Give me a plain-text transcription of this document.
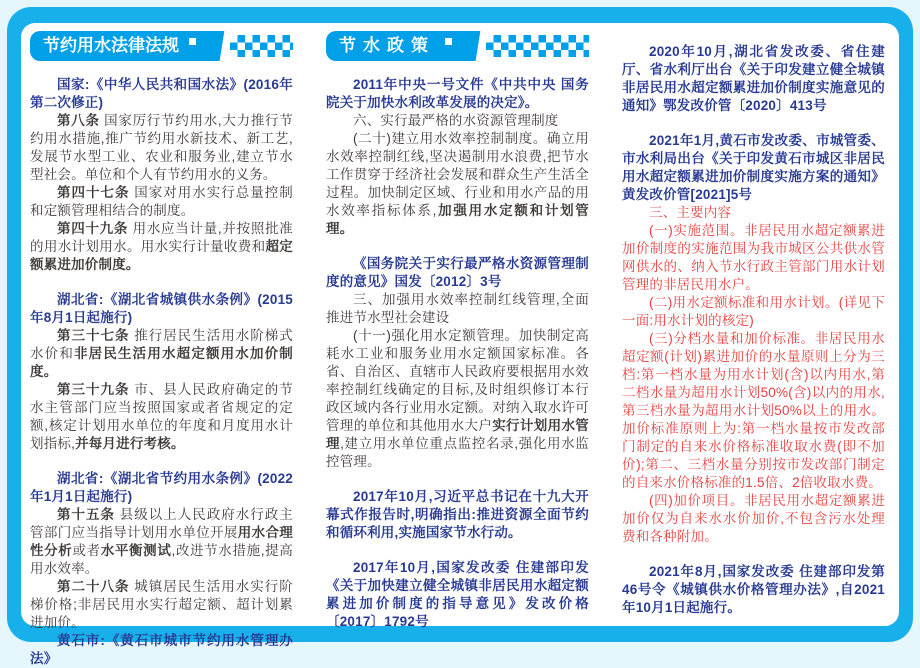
节约用水法律法规

国家:《中华人民共和国水法》(2016年第二次修正)

第八条 国家厉行节约用水,大力推行节约用水措施,推广节约用水新技术、新工艺,发展节水型工业、农业和服务业,建立节水型社会。单位和个人有节约用水的义务。

第四十七条 国家对用水实行总量控制和定额管理相结合的制度。

第四十九条 用水应当计量,并按照批准的用水计划用水。用水实行计量收费和超定额累进加价制度。

湖北省:《湖北省城镇供水条例》(2015年8月1日起施行)

第三十七条 推行居民生活用水阶梯式水价和非居民生活用水超定额用水加价制度。

第三十九条 市、县人民政府确定的节水主管部门应当按照国家或者省规定的定额,核定计划用水单位的年度和月度用水计划指标,并每月进行考核。

湖北省:《湖北省节约用水条例》(2022年1月1日起施行)

第十五条 县级以上人民政府水行政主管部门应当指导计划用水单位开展用水合理性分析或者水平衡测试,改进节水措施,提高用水效率。

第二十八条 城镇居民生活用水实行阶梯价格;非居民用水实行超定额、超计划累进加价。

黄石市:《黄石市城市节约用水管理办法》

节水政策

2011年中央一号文件《中共中央 国务院关于加快水利改革发展的决定》。

六、实行最严格的水资源管理制度

(二十)建立用水效率控制制度。确立用水效率控制红线,坚决遏制用水浪费,把节水工作贯穿于经济社会发展和群众生产生活全过程。加快制定区域、行业和用水产品的用水效率指标体系,加强用水定额和计划管理。

《国务院关于实行最严格水资源管理制度的意见》国发〔2012〕3号

三、加强用水效率控制红线管理,全面推进节水型社会建设

(十一)强化用水定额管理。加快制定高耗水工业和服务业用水定额国家标准。各省、自治区、直辖市人民政府要根据用水效率控制红线确定的目标,及时组织修订本行政区域内各行业用水定额。对纳入取水许可管理的单位和其他用水大户实行计划用水管理,建立用水单位重点监控名录,强化用水监控管理。

2017年10月,习近平总书记在十九大开幕式作报告时,明确指出:推进资源全面节约和循环利用,实施国家节水行动。

2017年10月,国家发改委 住建部印发《关于加快建立健全城镇非居民用水超定额累进加价制度的指导意见》发改价格〔2017〕1792号

2020年10月,湖北省发改委、省住建厅、省水利厅出台《关于印发建立健全城镇非居民用水超定额累进加价制度实施意见的通知》鄂发改价管〔2020〕413号

2021年1月,黄石市发改委、市城管委、市水利局出台《关于印发黄石市城区非居民用水超定额累进加价制度实施方案的通知》黄发改价管[2021]5号

三、主要内容

(一)实施范围。非居民用水超定额累进加价制度的实施范围为我市城区公共供水管网供水的、纳入节水行政主管部门用水计划管理的非居民用水户。

(二)用水定额标准和用水计划。(详见下一面:用水计划的核定)

(三)分档水量和加价标准。非居民用水超定额(计划)累进加价的水量原则上分为三档:第一档水量为用水计划(含)以内用水,第二档水量为超用水计划50%(含)以内的用水,第三档水量为超用水计划50%以上的用水。加价标准原则上为:第一档水量按市发改部门制定的自来水价格标准收取水费(即不加价);第二、三档水量分别按市发改部门制定的自来水价格标准的1.5倍、2倍收取水费。

(四)加价项目。非居民用水超定额累进加价仅为自来水水价加价,不包含污水处理费和各种附加。

2021年8月,国家发改委 住建部印发第46号令《城镇供水价格管理办法》,自2021年10月1日起施行。
